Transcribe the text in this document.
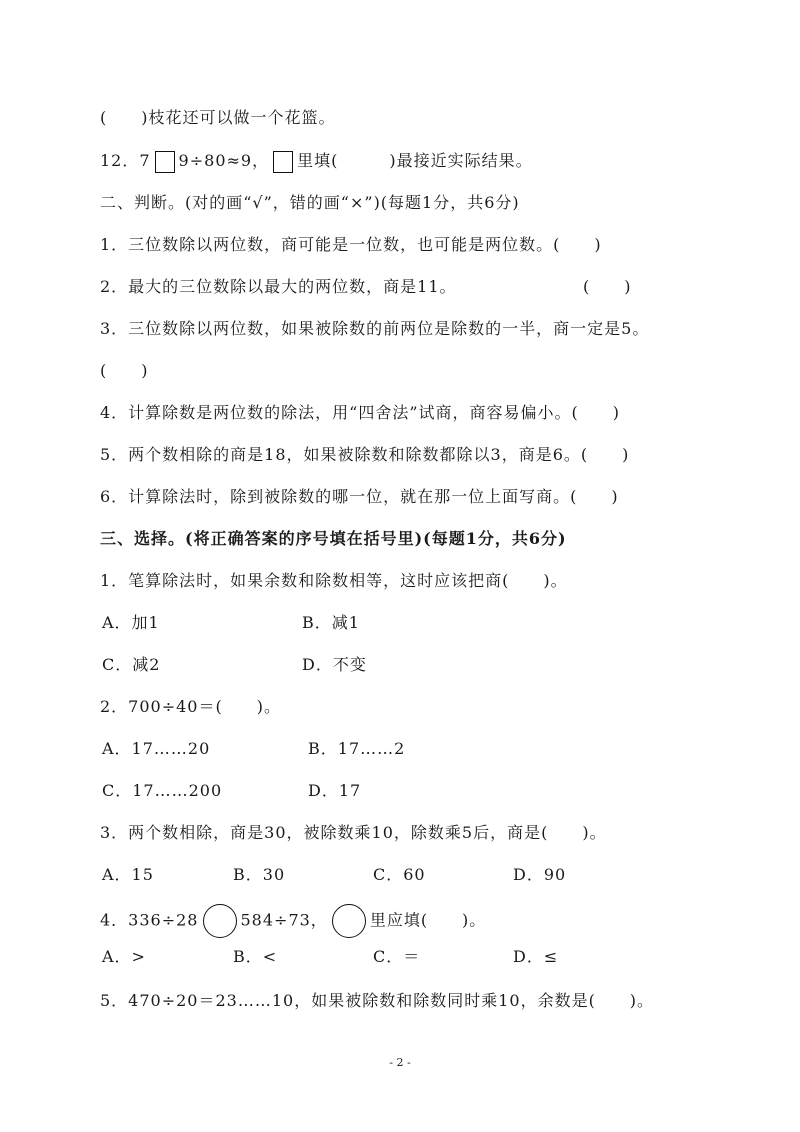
(　　)枝花还可以做一个花篮。
12．7 9÷80≈9， 里填(　　　)最接近实际结果。
二、判断。(对的画“√”，错的画“×”)(每题1分，共6分)
1．三位数除以两位数，商可能是一位数，也可能是两位数。(　　)
2．最大的三位数除以最大的两位数，商是11。	(　　)
3．三位数除以两位数，如果被除数的前两位是除数的一半，商一定是5。
(　　)
4．计算除数是两位数的除法，用“四舍法”试商，商容易偏小。(　　)
5．两个数相除的商是18，如果被除数和除数都除以3，商是6。(　　)
6．计算除法时，除到被除数的哪一位，就在那一位上面写商。(　　)
三、选择。(将正确答案的序号填在括号里)(每题1分，共6分)
1．笔算除法时，如果余数和除数相等，这时应该把商(　　)。
A．加1	B．减1
C．减2	D．不变
2．700÷40＝(　　)。
A．17……20	B．17……2
C．17……200	D．17
3．两个数相除，商是30，被除数乘10，除数乘5后，商是(　　)。
A．15	B．30	C．60	D．90
4．336÷28	584÷73，	里应填(　　)。
A．>	B．<	C．＝	D．≤
5．470÷20＝23……10，如果被除数和除数同时乘10，余数是(　　)。
- 2 -
